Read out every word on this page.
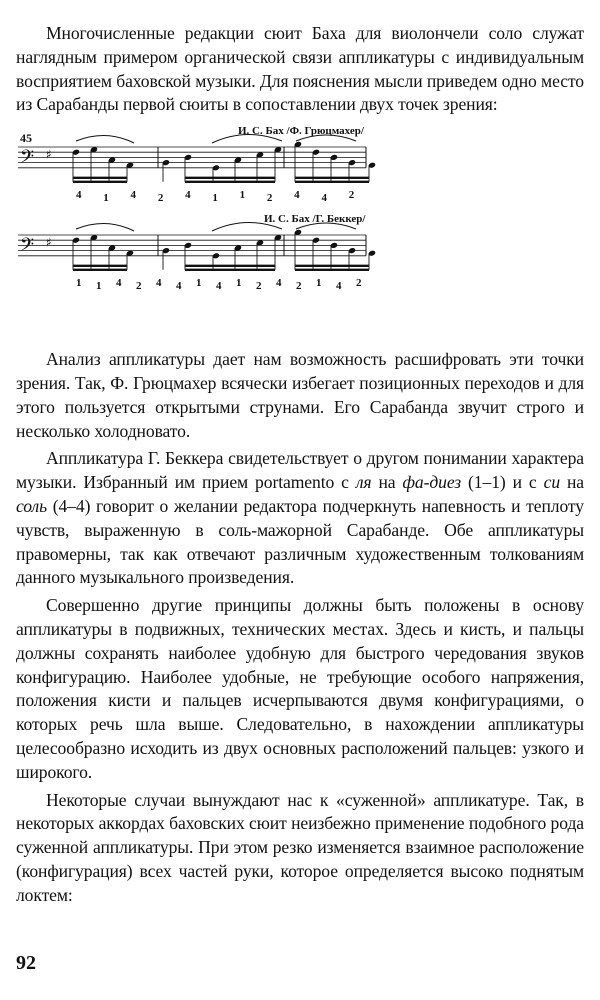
Многочисленные редакции сюит Баха для виолончели соло служат наглядным примером органической связи аппликатуры с индивидуальным восприятием баховской музыки. Для пояснения мысли приведем одно место из Сарабанды первой сюиты в сопоставлении двух точек зрения:

45	И. С. Бах /Ф. Грюцмахер/
И. С. Бах /Г. Беккер/
𝄢 ♯
4 1 4 2 4 1 1 2 4 4 2
𝄢 ♯
1 1 4 2 4 4 1 4 1 2 4 2 1 4 2

Анализ аппликатуры дает нам возможность расшифровать эти точки зрения. Так, Ф. Грюцмахер всячески избегает позиционных переходов и для этого пользуется открытыми струнами. Его Сарабанда звучит строго и несколько холодновато.

Аппликатура Г. Беккера свидетельствует о другом понимании характера музыки. Избранный им прием portamento с ля на фа-диез (1–1) и с си на соль (4–4) говорит о желании редактора подчеркнуть напевность и теплоту чувств, выраженную в соль-мажорной Сарабанде. Обе аппликатуры правомерны, так как отвечают различным художественным толкованиям данного музыкального произведения.

Совершенно другие принципы должны быть положены в основу аппликатуры в подвижных, технических местах. Здесь и кисть, и пальцы должны сохранять наиболее удобную для быстрого чередования звуков конфигурацию. Наиболее удобные, не требующие особого напряжения, положения кисти и пальцев исчерпываются двумя конфигурациями, о которых речь шла выше. Следовательно, в нахождении аппликатуры целесообразно исходить из двух основных расположений пальцев: узкого и широкого.

Некоторые случаи вынуждают нас к «суженной» аппликатуре. Так, в некоторых аккордах баховских сюит неизбежно применение подобного рода суженной аппликатуры. При этом резко изменяется взаимное расположение (конфигурация) всех частей руки, которое определяется высоко поднятым локтем:

92
